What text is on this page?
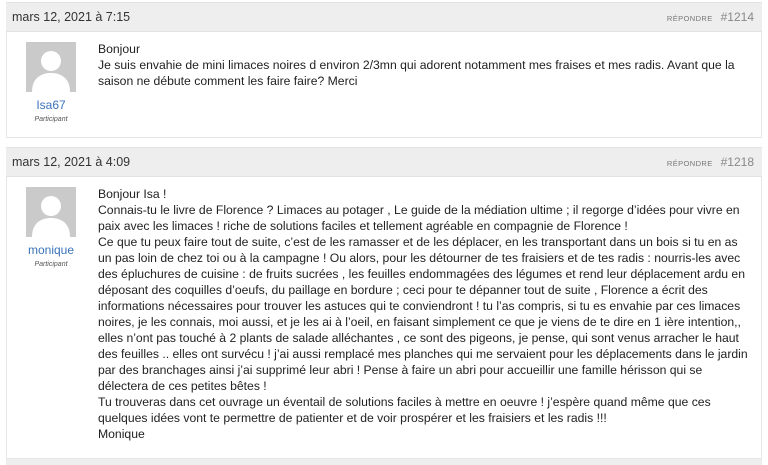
mars 12, 2021 à 7:15	RÉPONDRE #1214
Isa67
Participant

Bonjour

Je suis envahie de mini limaces noires d environ 2/3mn qui adorent notamment mes fraises et mes radis. Avant que la

saison ne débute comment les faire faire? Merci

mars 12, 2021 à 4:09	RÉPONDRE #1218
monique
Participant

Bonjour Isa !

Connais-tu le livre de Florence ? Limaces au potager , Le guide de la médiation ultime ; il regorge d’idées pour vivre en

paix avec les limaces ! riche de solutions faciles et tellement agréable en compagnie de Florence !

Ce que tu peux faire tout de suite, c’est de les ramasser et de les déplacer, en les transportant dans un bois si tu en as

un pas loin de chez toi ou à la campagne ! Ou alors, pour les détourner de tes fraisiers et de tes radis : nourris-les avec

des épluchures de cuisine : de fruits sucrées , les feuilles endommagées des légumes et rend leur déplacement ardu en

déposant des coquilles d’oeufs, du paillage en bordure ; ceci pour te dépanner tout de suite , Florence a écrit des

informations nécessaires pour trouver les astuces qui te conviendront ! tu l’as compris, si tu es envahie par ces limaces

noires, je les connais, moi aussi, et je les ai à l’oeil, en faisant simplement ce que je viens de te dire en 1 ière intention,,

elles n’ont pas touché à 2 plants de salade alléchantes , ce sont des pigeons, je pense, qui sont venus arracher le haut

des feuilles .. elles ont survécu ! j’ai aussi remplacé mes planches qui me servaient pour les déplacements dans le jardin

par des branchages ainsi j’ai supprimé leur abri ! Pense à faire un abri pour accueillir une famille hérisson qui se

délectera de ces petites bêtes !

Tu trouveras dans cet ouvrage un éventail de solutions faciles à mettre en oeuvre ! j’espère quand même que ces

quelques idées vont te permettre de patienter et de voir prospérer et les fraisiers et les radis !!!

Monique
